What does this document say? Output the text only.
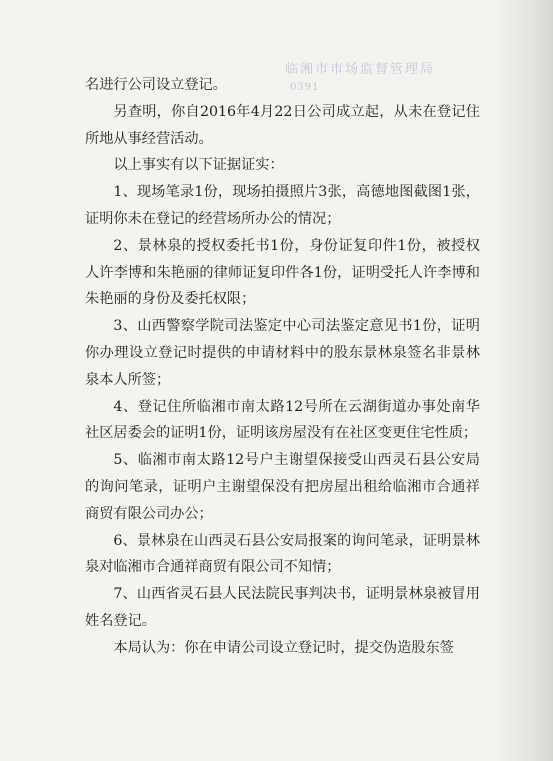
临湘市市场监督管理局
0391

名进行公司设立登记。

另查明，你自2016年4月22日公司成立起，从未在登记住所地从事经营活动。

以上事实有以下证据证实：

1、现场笔录1份，现场拍摄照片3张，高德地图截图1张，证明你未在登记的经营场所办公的情况；

2、景林泉的授权委托书1份，身份证复印件1份，被授权人许李博和朱艳丽的律师证复印件各1份，证明受托人许李博和朱艳丽的身份及委托权限；

3、山西警察学院司法鉴定中心司法鉴定意见书1份，证明你办理设立登记时提供的申请材料中的股东景林泉签名非景林泉本人所签；

4、登记住所临湘市南太路12号所在云湖街道办事处南华社区居委会的证明1份，证明该房屋没有在社区变更住宅性质；

5、临湘市南太路12号户主谢望保接受山西灵石县公安局的询问笔录，证明户主谢望保没有把房屋出租给临湘市合通祥商贸有限公司办公；

6、景林泉在山西灵石县公安局报案的询问笔录，证明景林泉对临湘市合通祥商贸有限公司不知情；

7、山西省灵石县人民法院民事判决书，证明景林泉被冒用姓名登记。

本局认为：你在申请公司设立登记时，提交伪造股东签
